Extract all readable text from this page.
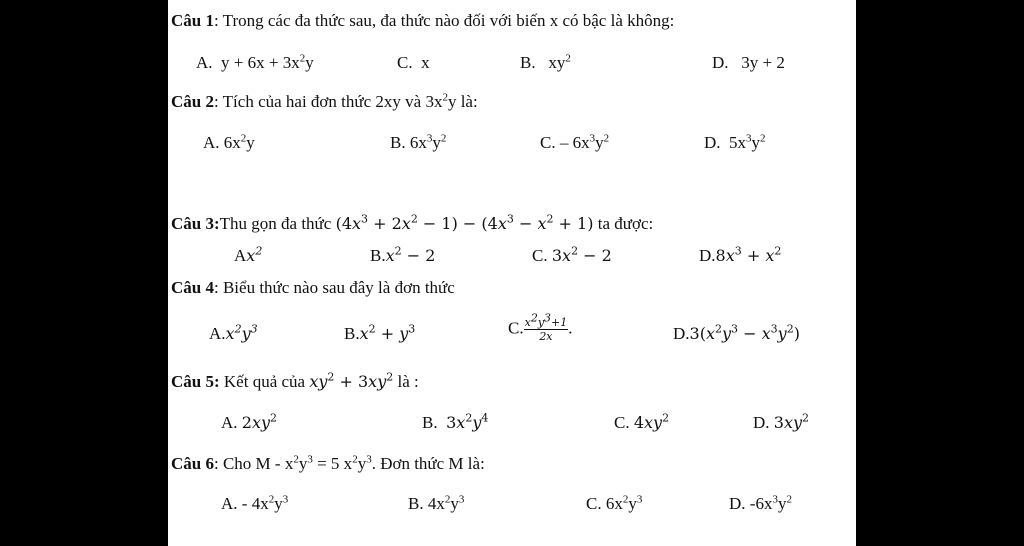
Câu 1: Trong các đa thức sau, đa thức nào đối với biến x có bậc là không:
A. $y + 6x + 3x^2y$	C. x	B. $xy^2$	D. 3y + 2
Câu 2: Tích của hai đơn thức 2xy và $3x^2y$ là:
A. $6x^2y$	B. $6x^3y^2$	C. – $6x^3y^2$	D. $5x^3y^2$
Câu 3:Thu gọn đa thức $(4x^3 + 2x^2 - 1) - (4x^3 - x^2 + 1)$ ta được:
Ax$^2$	$B.x^2 - 2$	C. $3x^2 - 2$	$D.8x^3 + x^2$
Câu 4: Biểu thức nào sau đây là đơn thức
$A.x^2y^3$	$B.x^2 + y^3$	C. $\frac{x^2y^3+1}{2x}$ .	$D.3(x^2y^3 - x^3y^2)$
Câu 5: Kết quả của $xy^2 + 3xy^2$ là :
A. $2xy^2$	B. $3x^2y^4$	C. $4xy^2$	D. $3xy^2$
Câu 6: Cho $M - x^2y^3 = 5$ $x^2y^3$. Đơn thức M là:
A. - $4x^2y^3$	B. $4x^2y^3$	C. $6x^2y^3$	D. $-6x^3y^2$
